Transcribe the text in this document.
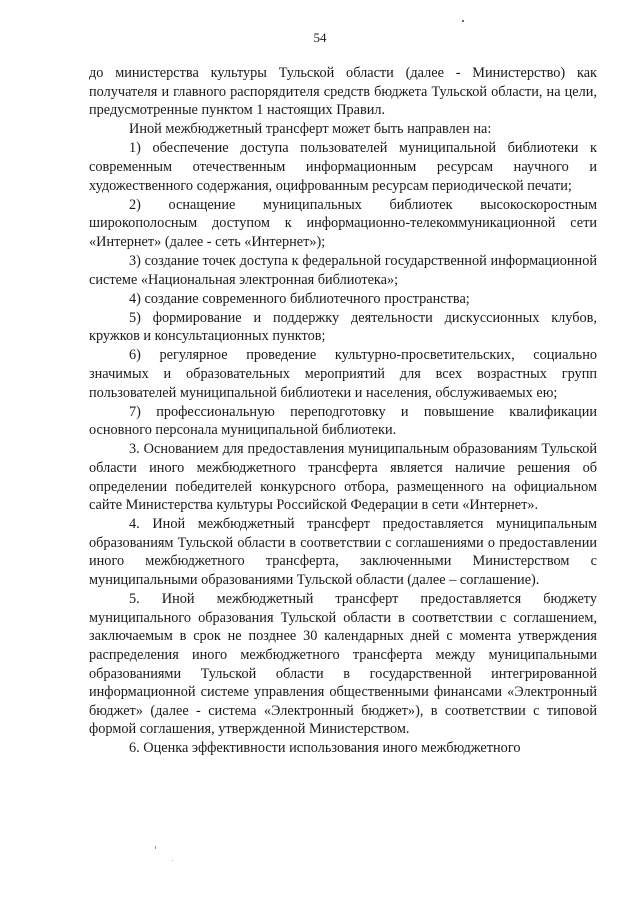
54

до министерства культуры Тульской области (далее - Министерство) как получателя и главного распорядителя средств бюджета Тульской области, на цели, предусмотренные пунктом 1 настоящих Правил.

Иной межбюджетный трансферт может быть направлен на:

1) обеспечение доступа пользователей муниципальной библиотеки к современным отечественным информационным ресурсам научного и художественного содержания, оцифрованным ресурсам периодической печати;

2) оснащение муниципальных библиотек высокоскоростным широкополосным доступом к информационно-телекоммуникационной сети «Интернет» (далее - сеть «Интернет»);

3) создание точек доступа к федеральной государственной информационной системе «Национальная электронная библиотека»;

4) создание современного библиотечного пространства;

5) формирование и поддержку деятельности дискуссионных клубов, кружков и консультационных пунктов;

6) регулярное проведение культурно-просветительских, социально значимых и образовательных мероприятий для всех возрастных групп пользователей муниципальной библиотеки и населения, обслуживаемых ею;

7) профессиональную переподготовку и повышение квалификации основного персонала муниципальной библиотеки.

3. Основанием для предоставления муниципальным образованиям Тульской области иного межбюджетного трансферта является наличие решения об определении победителей конкурсного отбора, размещенного на официальном сайте Министерства культуры Российской Федерации в сети «Интернет».

4. Иной межбюджетный трансферт предоставляется муниципальным образованиям Тульской области в соответствии с соглашениями о предоставлении иного межбюджетного трансферта, заключенными Министерством с муниципальными образованиями Тульской области (далее – соглашение).

5. Иной межбюджетный трансферт предоставляется бюджету муниципального образования Тульской области в соответствии с соглашением, заключаемым в срок не позднее 30 календарных дней с момента утверждения распределения иного межбюджетного трансферта между муниципальными образованиями Тульской области в государственной интегрированной информационной системе управления общественными финансами «Электронный бюджет» (далее - система «Электронный бюджет»), в соответствии с типовой формой соглашения, утвержденной Министерством.

6. Оценка эффективности использования иного межбюджетного
